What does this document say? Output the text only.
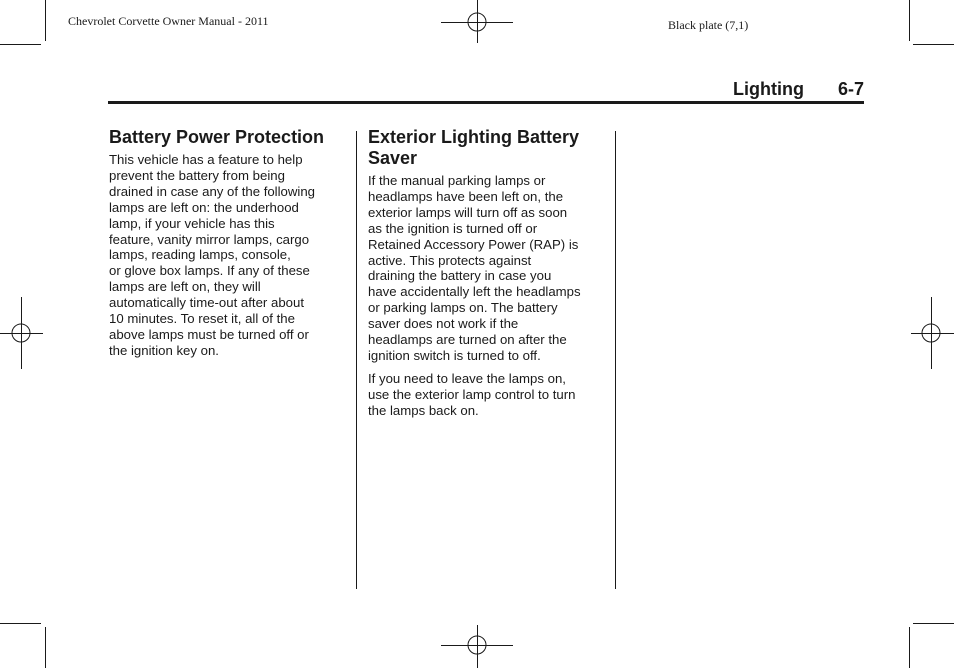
Chevrolet Corvette Owner Manual - 2011	Black plate (7,1)
Lighting 6-7
Battery Power Protection

This vehicle has a feature to help
prevent the battery from being
drained in case any of the following
lamps are left on: the underhood
lamp, if your vehicle has this
feature, vanity mirror lamps, cargo
lamps, reading lamps, console,
or glove box lamps. If any of these
lamps are left on, they will
automatically time-out after about
10 minutes. To reset it, all of the
above lamps must be turned off or
the ignition key on.

Exterior Lighting Battery Saver

If the manual parking lamps or
headlamps have been left on, the
exterior lamps will turn off as soon
as the ignition is turned off or
Retained Accessory Power (RAP) is
active. This protects against
draining the battery in case you
have accidentally left the headlamps
or parking lamps on. The battery
saver does not work if the
headlamps are turned on after the
ignition switch is turned to off.

If you need to leave the lamps on,
use the exterior lamp control to turn
the lamps back on.
